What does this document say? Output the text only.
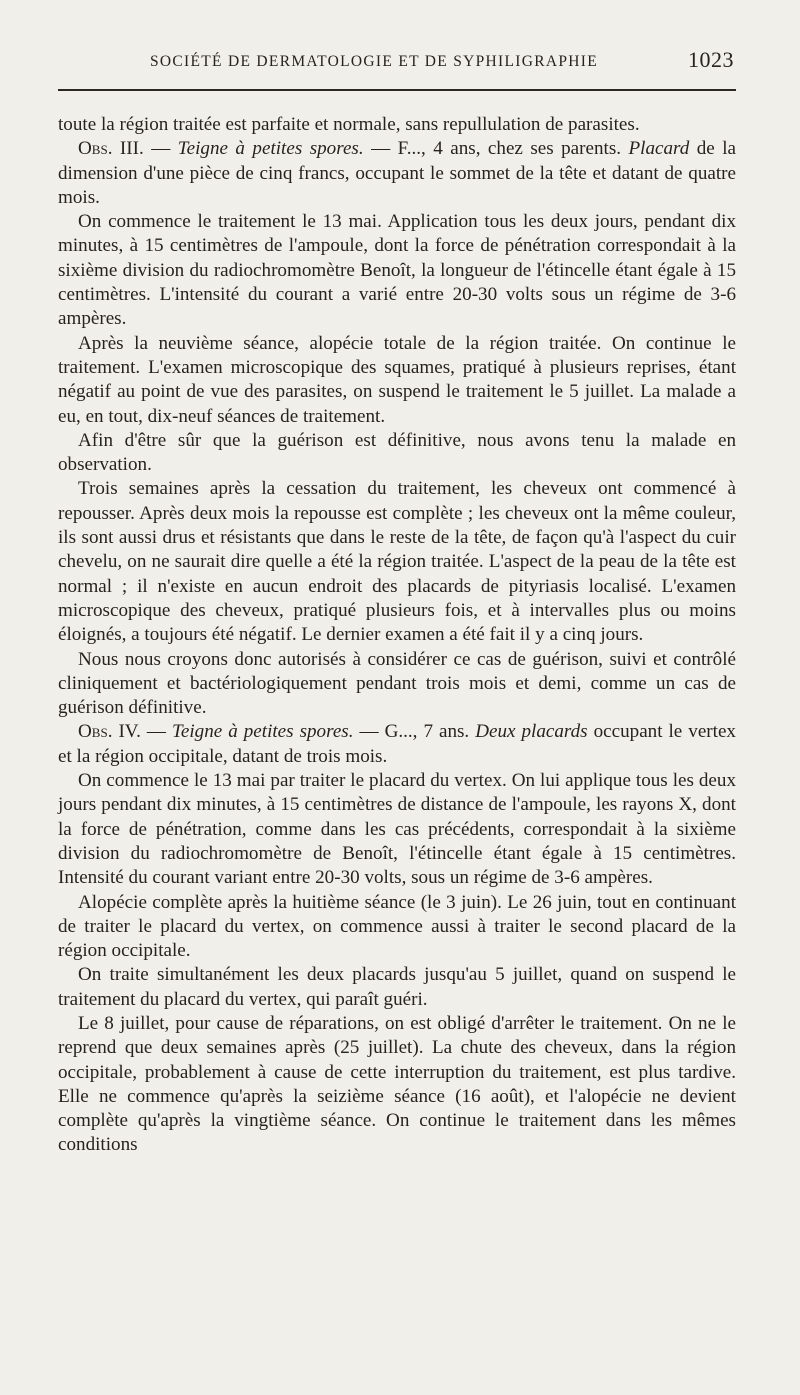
SOCIÉTÉ DE DERMATOLOGIE ET DE SYPHILIGRAPHIE	1023

toute la région traitée est parfaite et normale, sans repullulation de parasites.

Obs. III. — Teigne à petites spores. — F..., 4 ans, chez ses parents. Placard de la dimension d'une pièce de cinq francs, occupant le sommet de la tête et datant de quatre mois.

On commence le traitement le 13 mai. Application tous les deux jours, pendant dix minutes, à 15 centimètres de l'ampoule, dont la force de pénétration correspondait à la sixième division du radiochromomètre Benoît, la longueur de l'étincelle étant égale à 15 centimètres. L'intensité du courant a varié entre 20-30 volts sous un régime de 3-6 ampères.

Après la neuvième séance, alopécie totale de la région traitée. On continue le traitement. L'examen microscopique des squames, pratiqué à plusieurs reprises, étant négatif au point de vue des parasites, on suspend le traitement le 5 juillet. La malade a eu, en tout, dix-neuf séances de traitement.

Afin d'être sûr que la guérison est définitive, nous avons tenu la malade en observation.

Trois semaines après la cessation du traitement, les cheveux ont commencé à repousser. Après deux mois la repousse est complète ; les cheveux ont la même couleur, ils sont aussi drus et résistants que dans le reste de la tête, de façon qu'à l'aspect du cuir chevelu, on ne saurait dire quelle a été la région traitée. L'aspect de la peau de la tête est normal ; il n'existe en aucun endroit des placards de pityriasis localisé. L'examen microscopique des cheveux, pratiqué plusieurs fois, et à intervalles plus ou moins éloignés, a toujours été négatif. Le dernier examen a été fait il y a cinq jours.

Nous nous croyons donc autorisés à considérer ce cas de guérison, suivi et contrôlé cliniquement et bactériologiquement pendant trois mois et demi, comme un cas de guérison définitive.

Obs. IV. — Teigne à petites spores. — G..., 7 ans. Deux placards occupant le vertex et la région occipitale, datant de trois mois.

On commence le 13 mai par traiter le placard du vertex. On lui applique tous les deux jours pendant dix minutes, à 15 centimètres de distance de l'ampoule, les rayons X, dont la force de pénétration, comme dans les cas précédents, correspondait à la sixième division du radiochromomètre de Benoît, l'étincelle étant égale à 15 centimètres. Intensité du courant variant entre 20-30 volts, sous un régime de 3-6 ampères.

Alopécie complète après la huitième séance (le 3 juin). Le 26 juin, tout en continuant de traiter le placard du vertex, on commence aussi à traiter le second placard de la région occipitale.

On traite simultanément les deux placards jusqu'au 5 juillet, quand on suspend le traitement du placard du vertex, qui paraît guéri.

Le 8 juillet, pour cause de réparations, on est obligé d'arrêter le traitement. On ne le reprend que deux semaines après (25 juillet). La chute des cheveux, dans la région occipitale, probablement à cause de cette interruption du traitement, est plus tardive. Elle ne commence qu'après la seizième séance (16 août), et l'alopécie ne devient complète qu'après la vingtième séance. On continue le traitement dans les mêmes conditions
